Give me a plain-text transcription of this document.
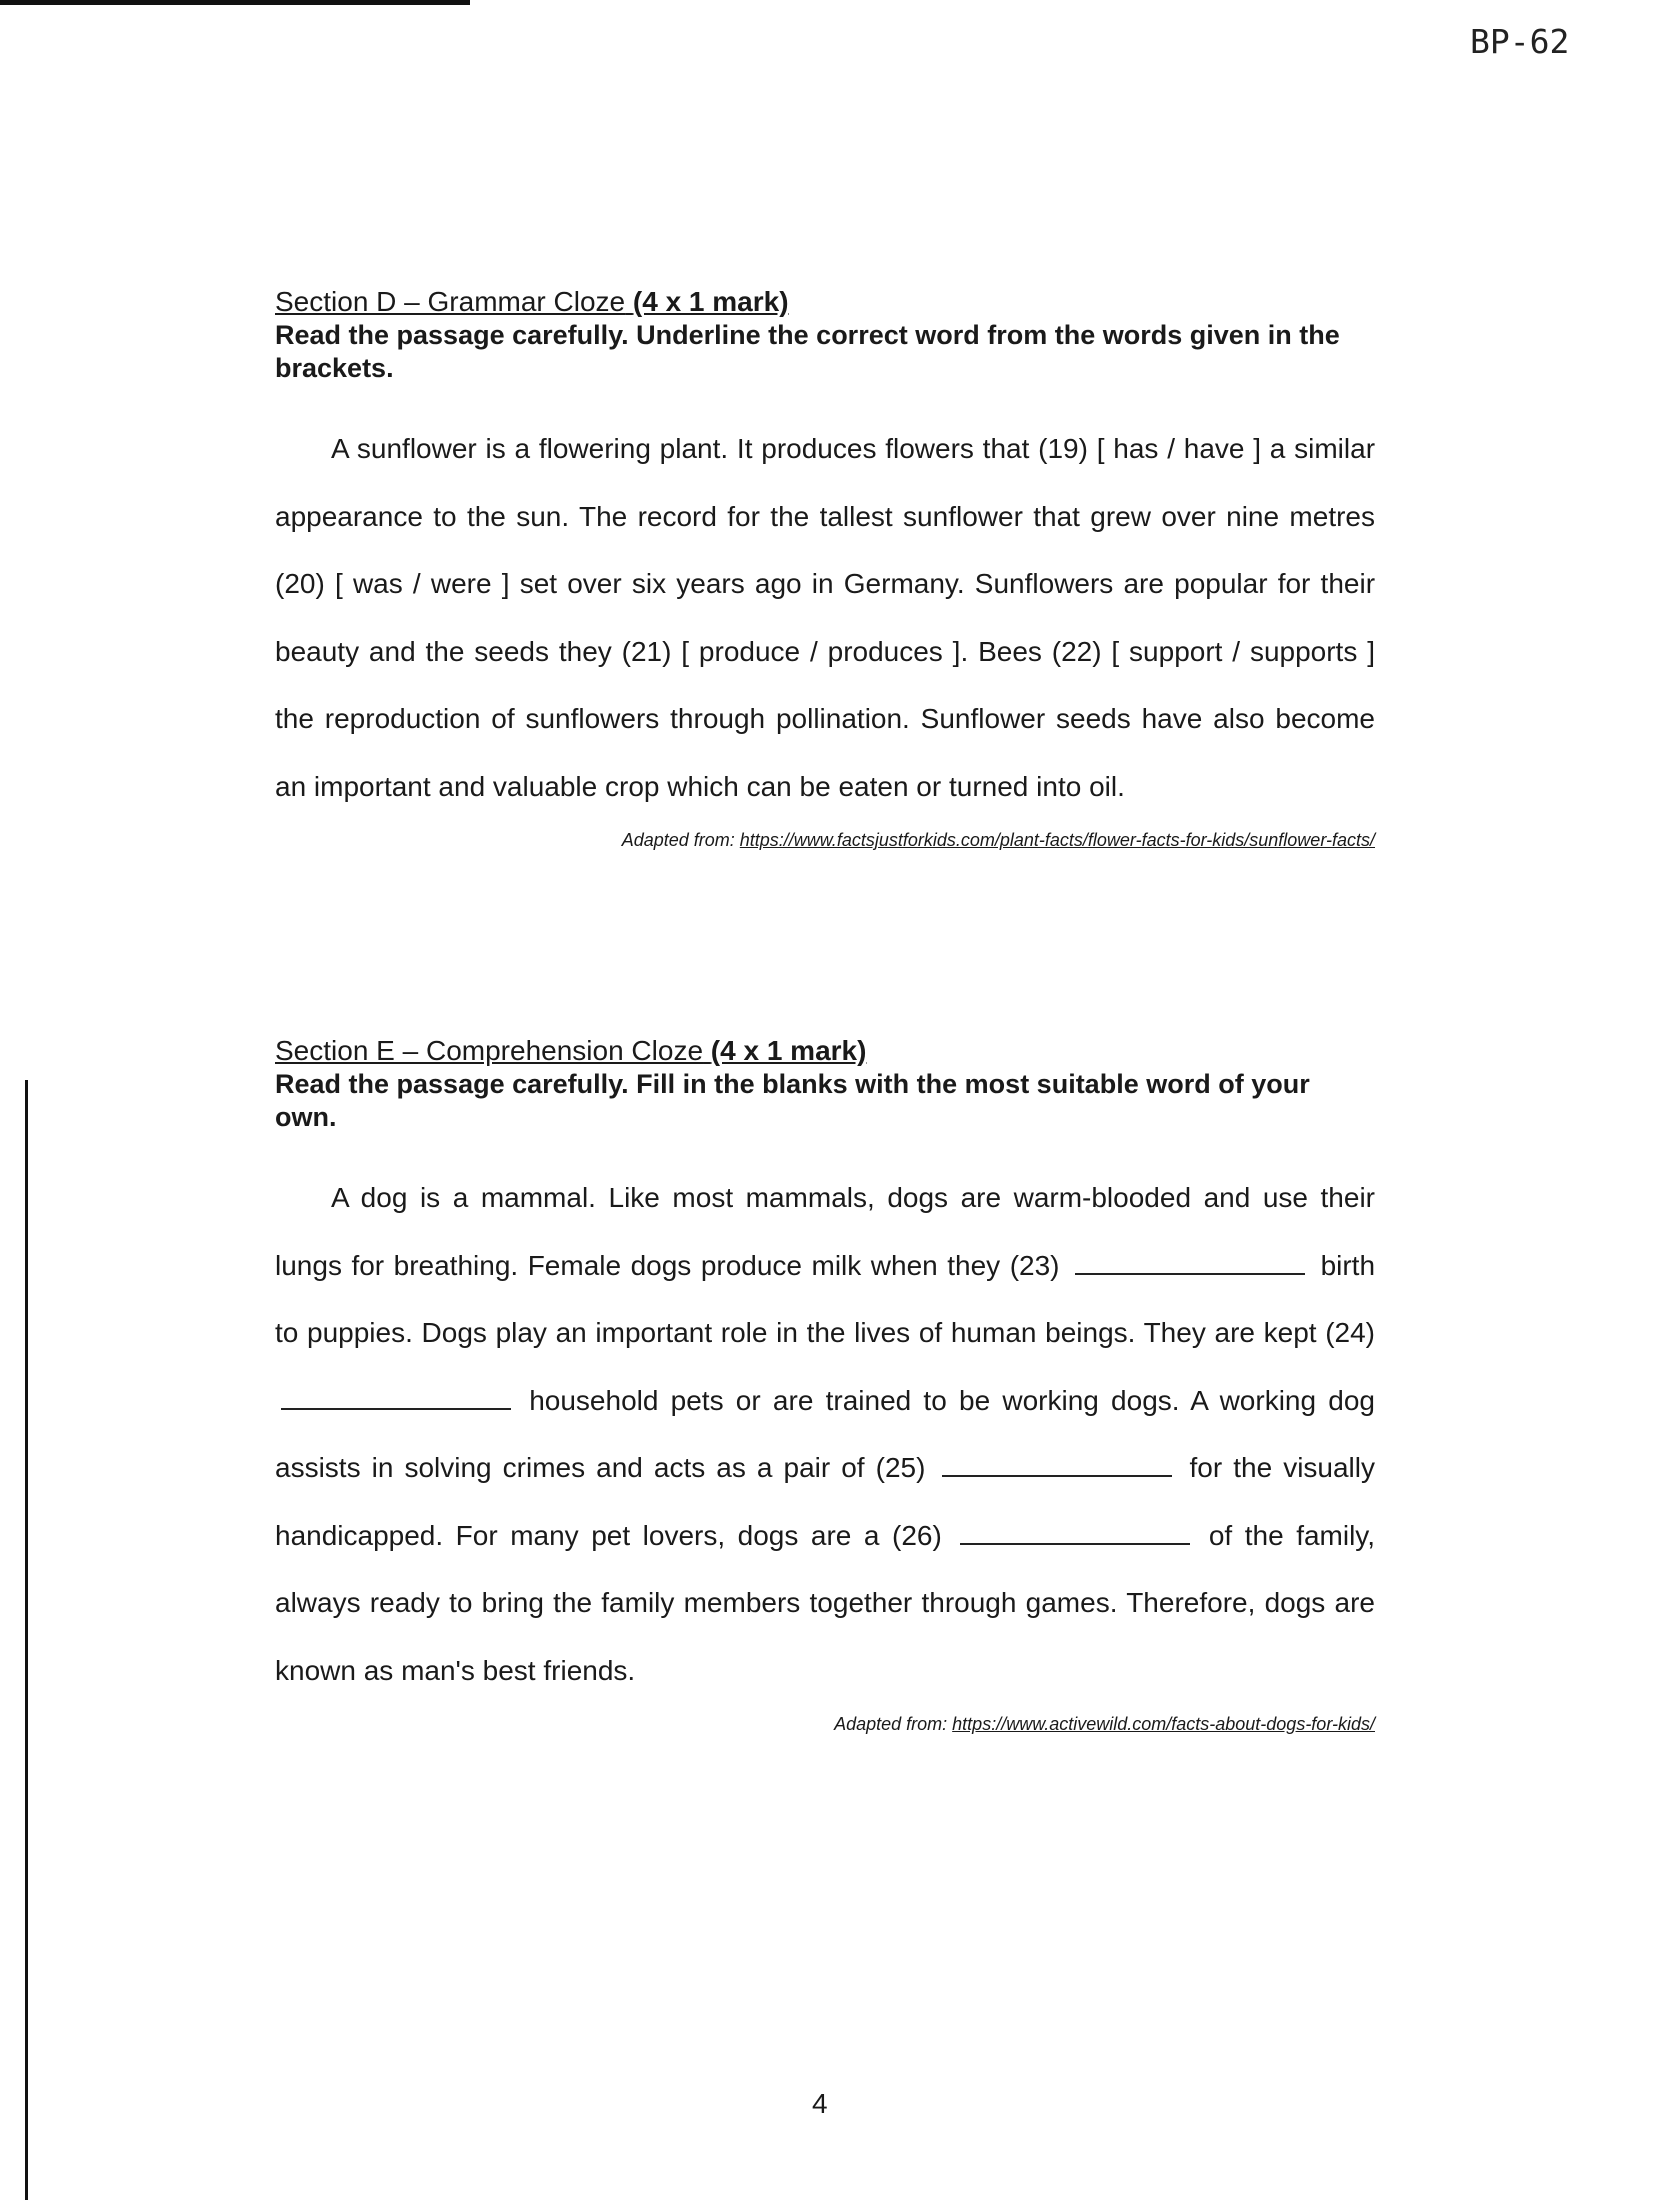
BP-62

Section D – Grammar Cloze (4 x 1 mark)

Read the passage carefully. Underline the correct word from the words given in the brackets.

A sunflower is a flowering plant. It produces flowers that (19) [ has / have ] a similar appearance to the sun. The record for the tallest sunflower that grew over nine metres (20) [ was / were ] set over six years ago in Germany. Sunflowers are popular for their beauty and the seeds they (21) [ produce / produces ]. Bees (22) [ support / supports ] the reproduction of sunflowers through pollination. Sunflower seeds have also become an important and valuable crop which can be eaten or turned into oil.
Adapted from: https://www.factsjustforkids.com/plant-facts/flower-facts-for-kids/sunflower-facts/

Section E – Comprehension Cloze (4 x 1 mark)

Read the passage carefully. Fill in the blanks with the most suitable word of your own.

A dog is a mammal. Like most mammals, dogs are warm-blooded and use their lungs for breathing. Female dogs produce milk when they (23)	birth to puppies. Dogs play an important role in the lives of human beings. They are kept (24)  household pets or are trained to be working dogs. A working dog assists in solving crimes and acts as a pair of (25)	for the visually handicapped. For many pet lovers, dogs are a (26)	of the family, always ready to bring the family members together through games. Therefore, dogs are known as man's best friends.
Adapted from: https://www.activewild.com/facts-about-dogs-for-kids/
4
